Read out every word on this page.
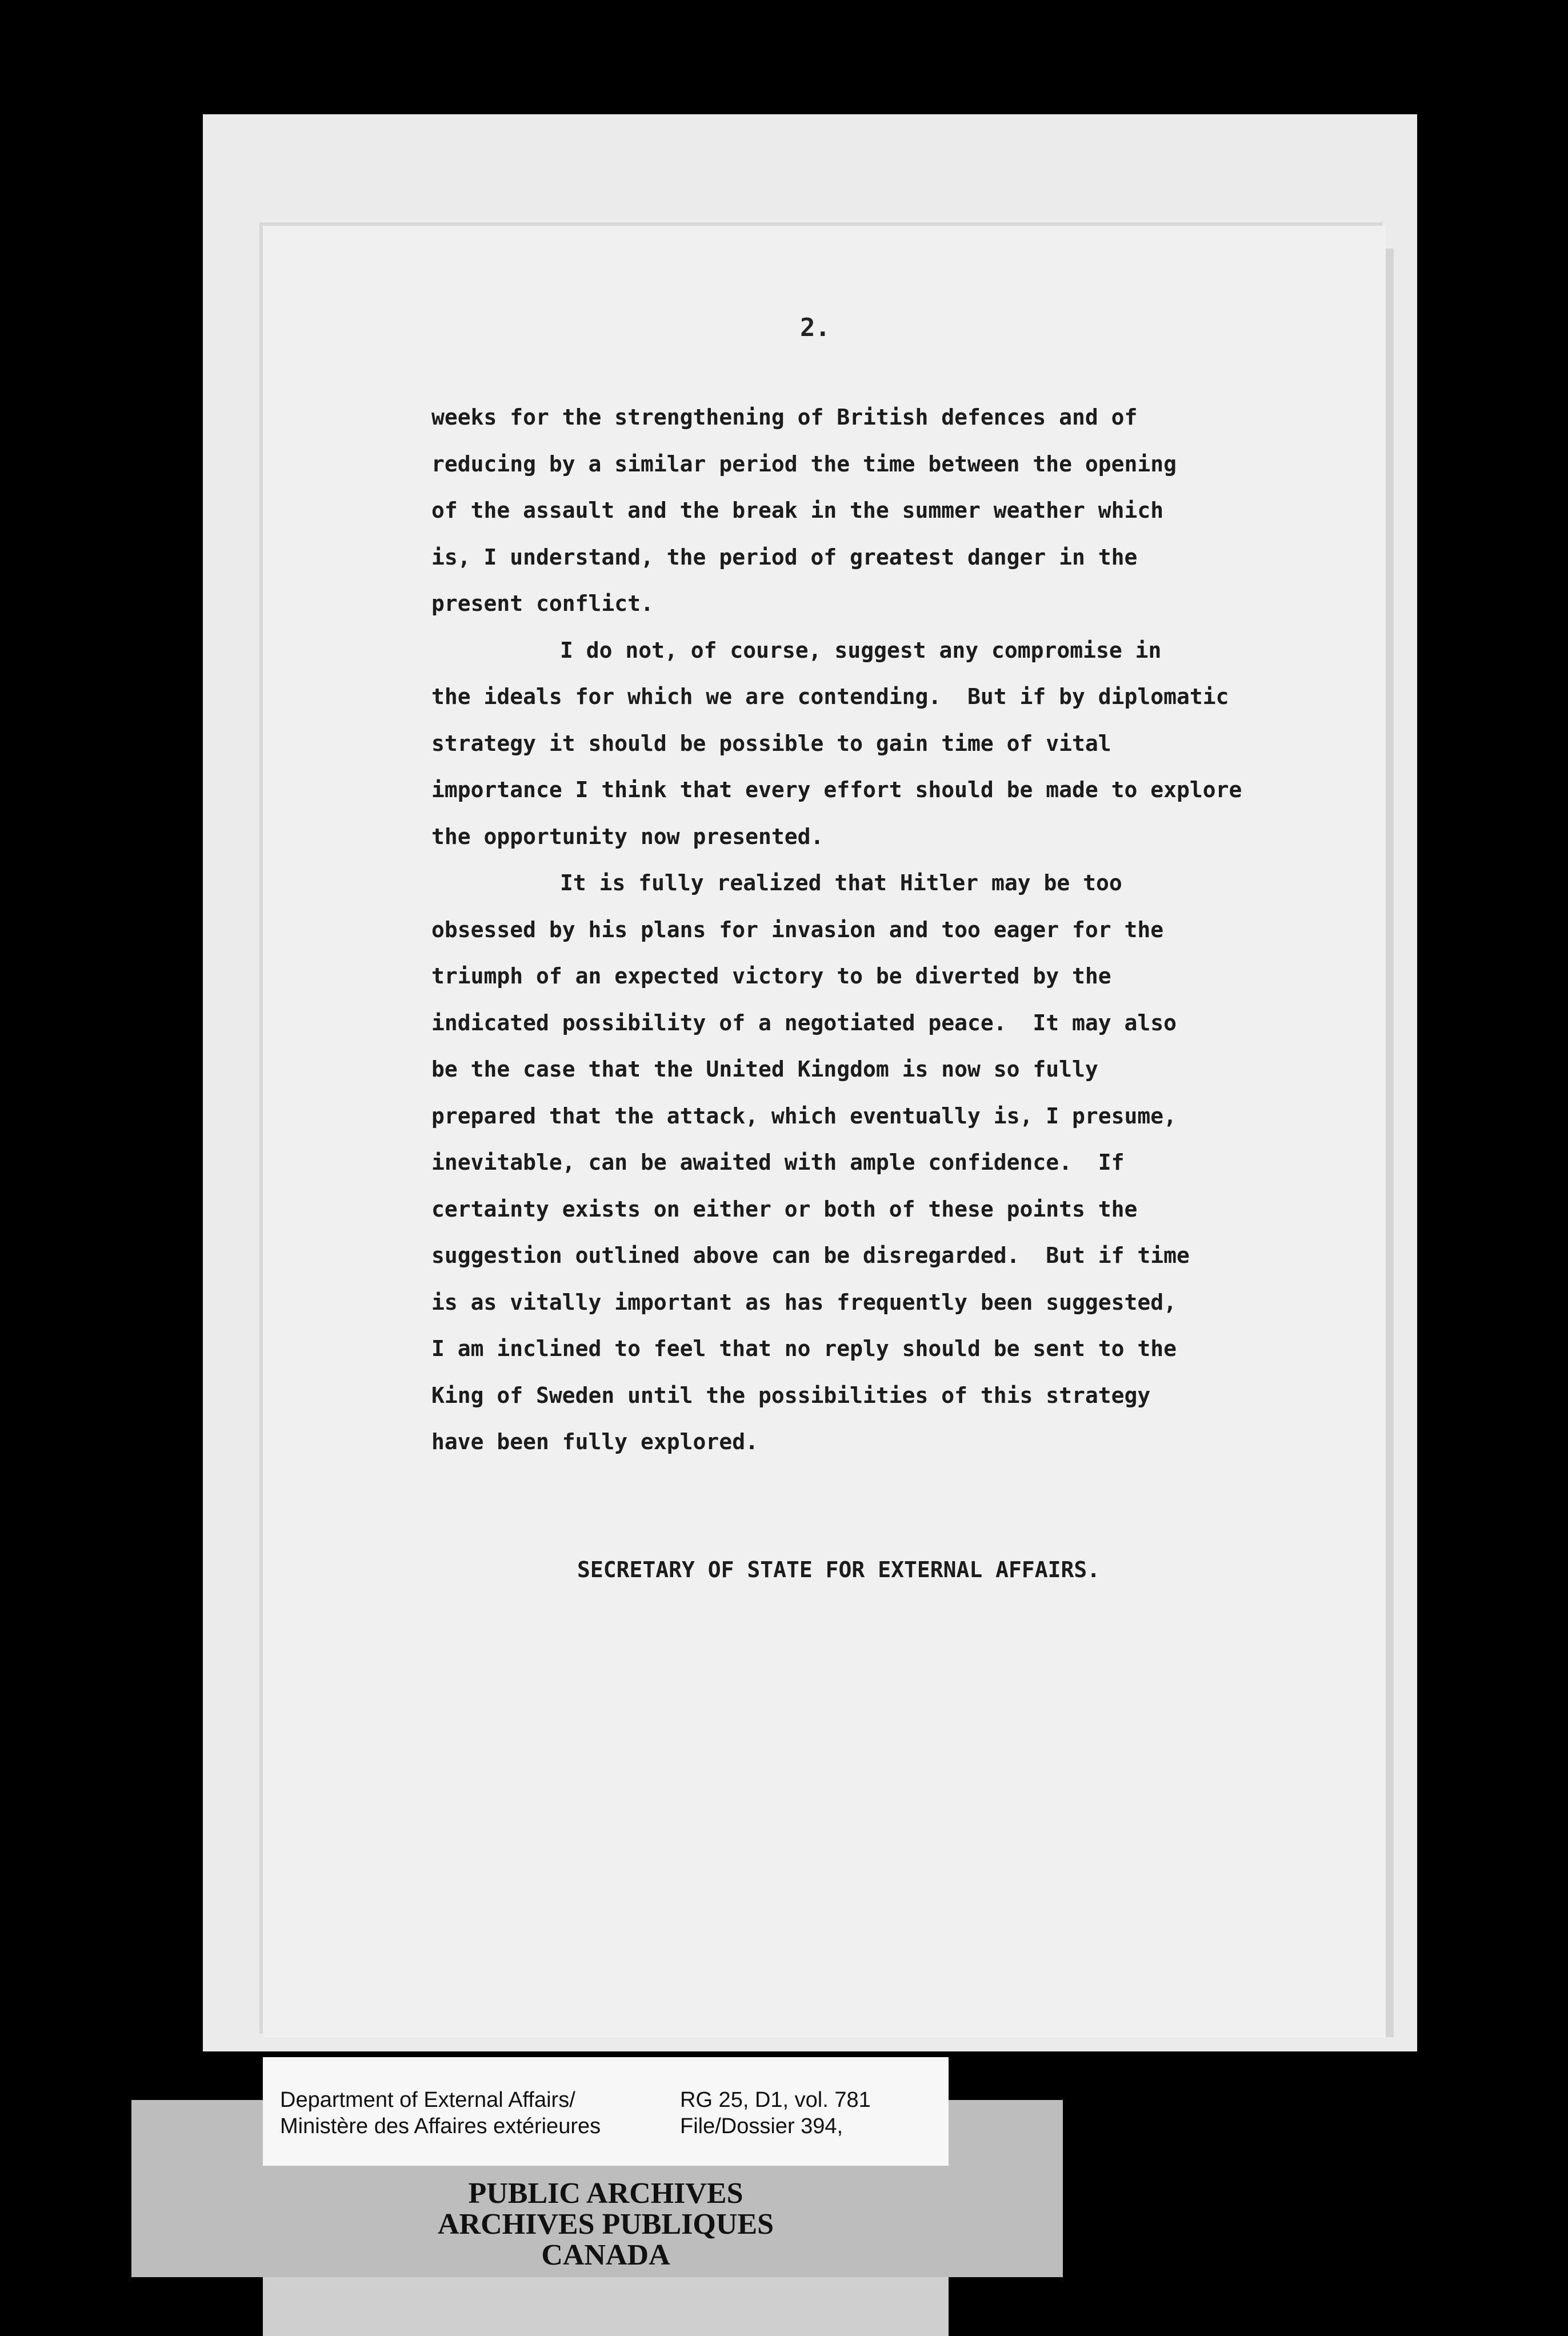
2.
weeks for the strengthening of British defences and of
reducing by a similar period the time between the opening
of the assault and the break in the summer weather which
is, I understand, the period of greatest danger in the
present conflict.
I do not, of course, suggest any compromise in
the ideals for which we are contending.  But if by diplomatic
strategy it should be possible to gain time of vital
importance I think that every effort should be made to explore
the opportunity now presented.
It is fully realized that Hitler may be too
obsessed by his plans for invasion and too eager for the
triumph of an expected victory to be diverted by the
indicated possibility of a negotiated peace.  It may also
be the case that the United Kingdom is now so fully
prepared that the attack, which eventually is, I presume,
inevitable, can be awaited with ample confidence.  If
certainty exists on either or both of these points the
suggestion outlined above can be disregarded.  But if time
is as vitally important as has frequently been suggested,
I am inclined to feel that no reply should be sent to the
King of Sweden until the possibilities of this strategy
have been fully explored.
SECRETARY OF STATE FOR EXTERNAL AFFAIRS.
Department of External Affairs/
Ministère des Affaires extérieures
RG 25, D1, vol. 781
File/Dossier 394,
PUBLIC ARCHIVES
ARCHIVES PUBLIQUES
CANADA
